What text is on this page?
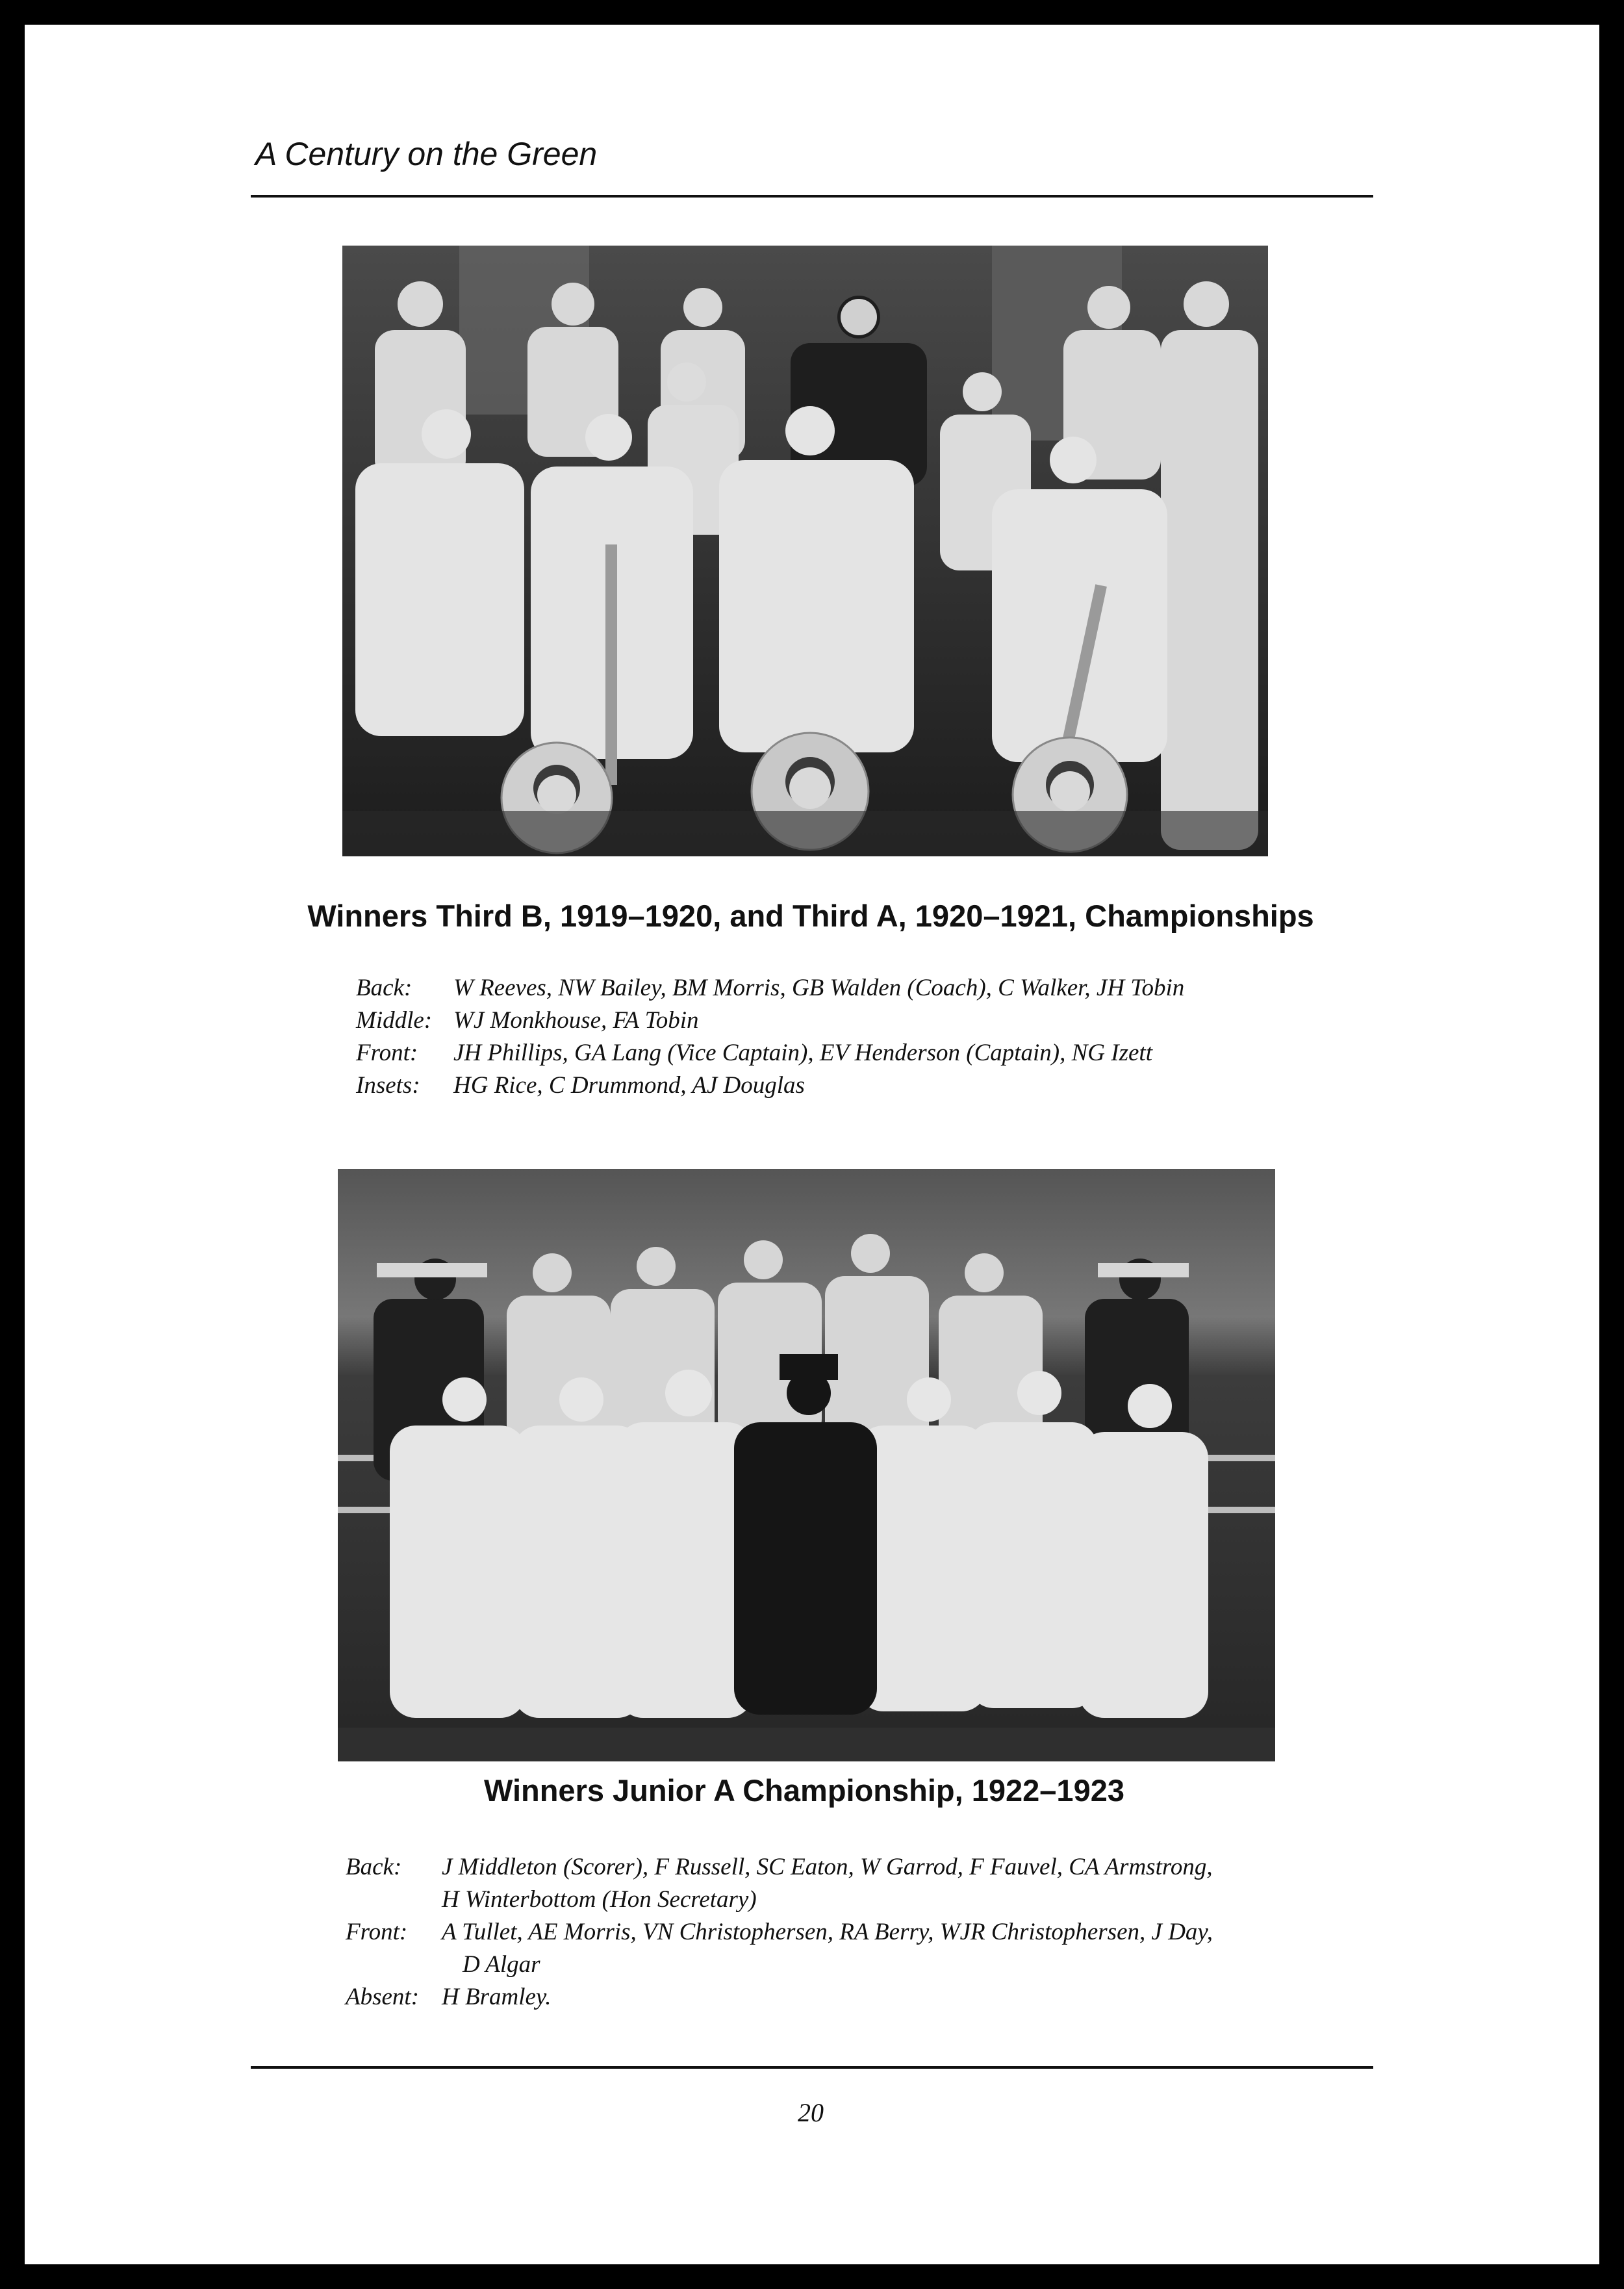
A Century on the Green
Winners Third B, 1919–1920, and Third A, 1920–1921, Championships
Back:	W Reeves, NW Bailey, BM Morris, GB Walden (Coach), C Walker, JH Tobin
Middle: WJ Monkhouse, FA Tobin
Front:	JH Phillips, GA Lang (Vice Captain), EV Henderson (Captain), NG Izett
Insets:	HG Rice, C Drummond, AJ Douglas
Winners Junior A Championship, 1922–1923
Back:	J Middleton (Scorer), F Russell, SC Eaton, W Garrod, F Fauvel, CA Armstrong,
H Winterbottom (Hon Secretary)
Front:	A Tullet, AE Morris, VN Christophersen, RA Berry, WJR Christophersen, J Day,
D Algar
Absent: H Bramley.
20
